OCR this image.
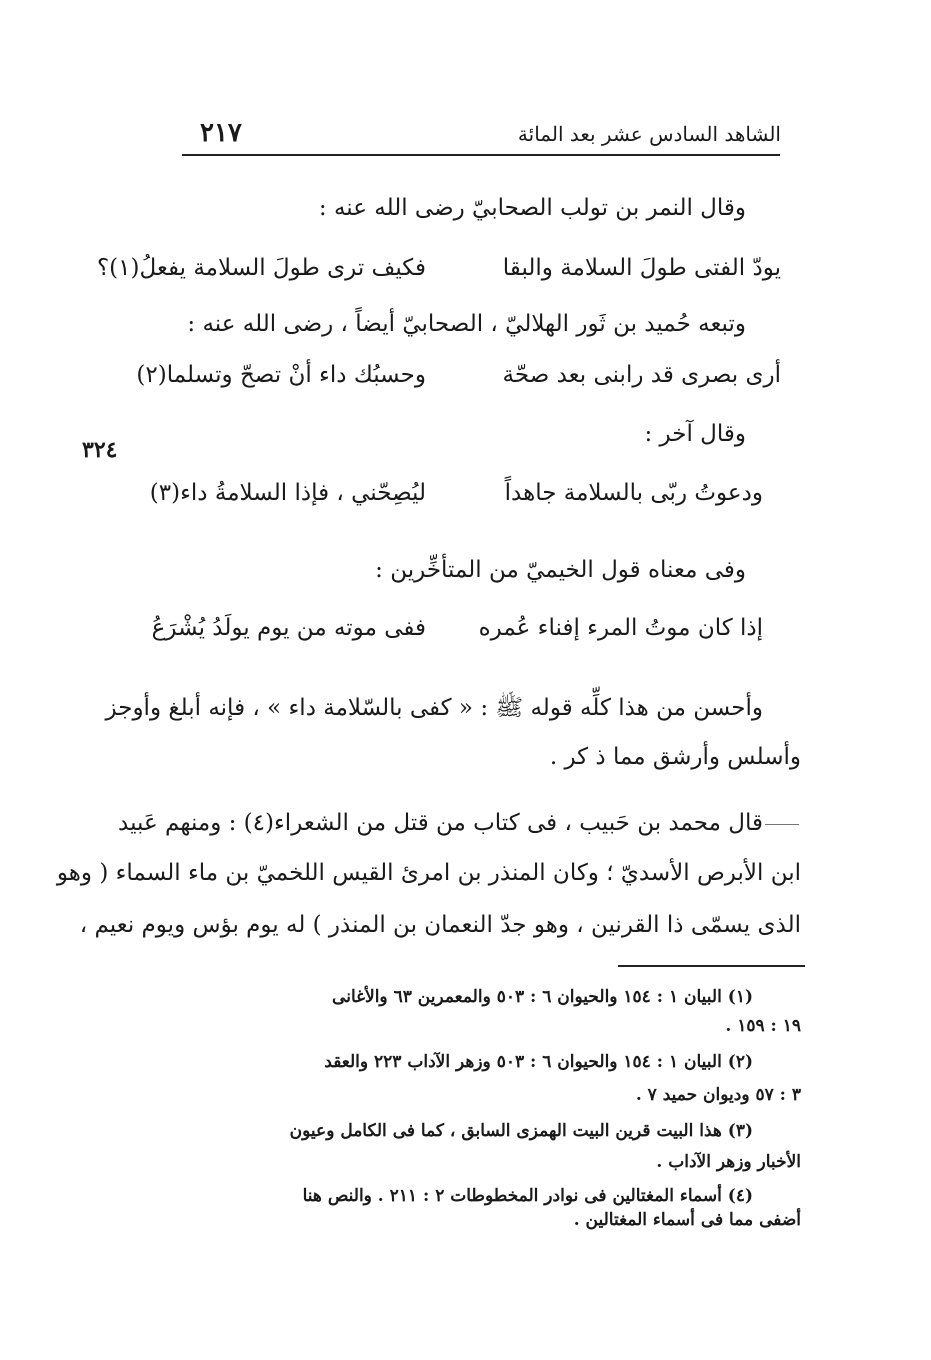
الشاهد السادس عشر بعد المائة
٢١٧
٣٢٤
وقال النمر بن تولب الصحابيّ رضى الله عنه :
يودّ الفتى طولَ السلامة والبقا
فكيف ترى طولَ السلامة يفعلُ(١)؟
وتبعه حُميد بن ثَور الهلاليّ ، الصحابيّ أيضاً ، رضى الله عنه :
أرى بصرى قد رابنى بعد صحّة
وحسبُك داء أنْ تصحّ وتسلما(٢)
وقال آخر :
ودعوتُ ربّى بالسلامة جاهداً
ليُصِحّني ، فإذا السلامةُ داء(٣)
وفى معناه قول الخيميّ من المتأخِّرين :
إذا كان موتُ المرء إفناء عُمره
ففى موته من يوم يولَدُ يُشْرَعُ
وأحسن من هذا كلِّه قوله ﷺ : « كفى بالسّلامة داء » ، فإنه أبلغ وأوجز
وأسلس وأرشق مما ذ كر .
قال محمد بن حَبيب ، فى كتاب من قتل من الشعراء(٤) : ومنهم عَبيد
ابن الأبرص الأسديّ ؛ وكان المنذر بن امرئ القيس اللخميّ بن ماء السماء ( وهو
الذى يسمّى ذا القرنين ، وهو جدّ النعمان بن المنذر ) له يوم بؤس ويوم نعيم ،
(١) البيان ١ : ١٥٤ والحيوان ٦ : ٥٠٣ والمعمرين ٦٣ والأغانى
١٩ : ١٥٩ .
(٢) البيان ١ : ١٥٤ والحيوان ٦ : ٥٠٣ وزهر الآداب ٢٢٣ والعقد
٣ : ٥٧ وديوان حميد ٧ .
(٣) هذا البيت قرين البيت الهمزى السابق ، كما فى الكامل وعيون
الأخبار وزهر الآداب .
(٤) أسماء المغتالين فى نوادر المخطوطات ٢ : ٢١١ . والنص هنا
أضفى مما فى أسماء المغتالين .
